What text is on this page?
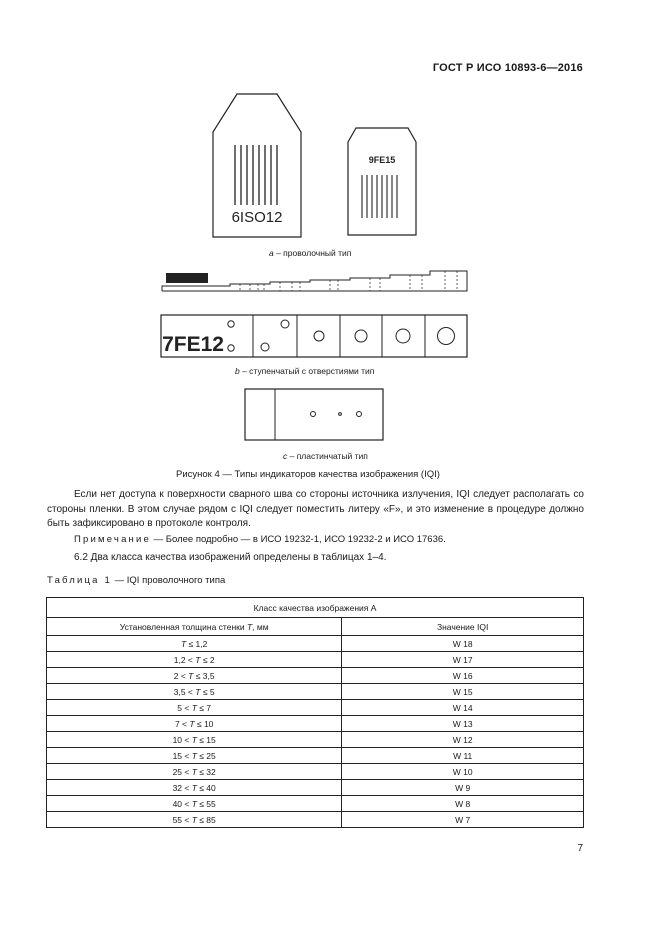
ГОСТ Р ИСО 10893-6—2016
6ISO12
9FE15
a – проволочный тип
7FE12
b – ступенчатый с отверстиями тип
c – пластинчатый тип
Рисунок 4 — Типы индикаторов качества изображения (IQI)
Если нет доступа к поверхности сварного шва со стороны источника излучения, IQI следует располагать со стороны пленки. В этом случае рядом с IQI следует поместить литеру «F», и это изменение в процедуре должно быть зафиксировано в протоколе контроля.
Примечание — Более подробно — в ИСО 19232-1, ИСО 19232-2 и ИСО 17636.
6.2 Два класса качества изображений определены в таблицах 1–4.
Таблица 1 — IQI проволочного типа
Класс качества изображения А	
Установленная толщина стенки T, мм	Значение IQI
T ≤ 1,2	W 18
1,2 < T ≤ 2	W 17
2 < T ≤ 3,5	W 16
3,5 < T ≤ 5	W 15
5 < T ≤ 7	W 14
7 < T ≤ 10	W 13
10 < T ≤ 15	W 12
15 < T ≤ 25	W 11
25 < T ≤ 32	W 10
32 < T ≤ 40	W 9
40 < T ≤ 55	W 8
55 < T ≤ 85	W 7
7
